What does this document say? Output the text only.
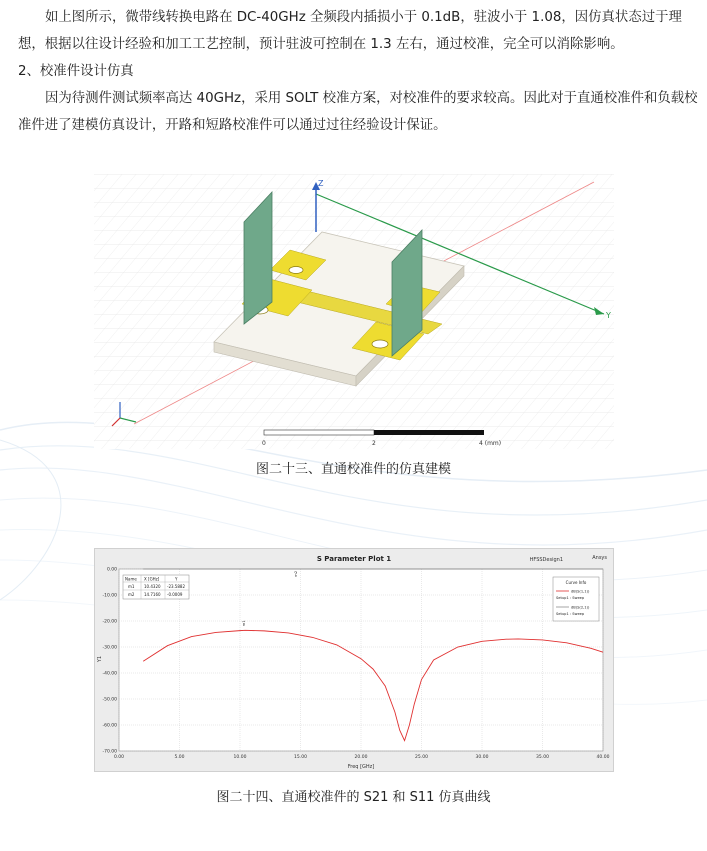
如上图所示，微带线转换电路在 DC-40GHz 全频段内插损小于 0.1dB，驻波小于 1.08，因仿真状态过于理想，根据以往设计经验和加工工艺控制，预计驻波可控制在 1.3 左右，通过校准，完全可以消除影响。

2、校准件设计仿真

因为待测件测试频率高达 40GHz，采用 SOLT 校准方案，对校准件的要求较高。因此对于直通校准件和负载校准件进了建模仿真设计，开路和短路校准件可以通过过往经验设计保证。

Y
Z
0	2	4 (mm)
图二十三、直通校准件的仿真建模
S Parameter Plot 1	HFSSDesign1	Ansys
0.00	5.00	10.00	15.00	20.00	25.00	30.00	35.00	40.00
0.00
-10.00
-20.00
-30.00
-40.00
-50.00
-60.00
-70.00
m2
m1
Y1
Freq [GHz]
Name X [GHz]	Y
m1 10.4320 -23.5882
m2 14.7160 -0.0009
Curve Info
dB(S(1,1))
Setup1 : Sweep
dB(S(2,1))
Setup1 : Sweep
图二十四、直通校准件的 S21 和 S11 仿真曲线
